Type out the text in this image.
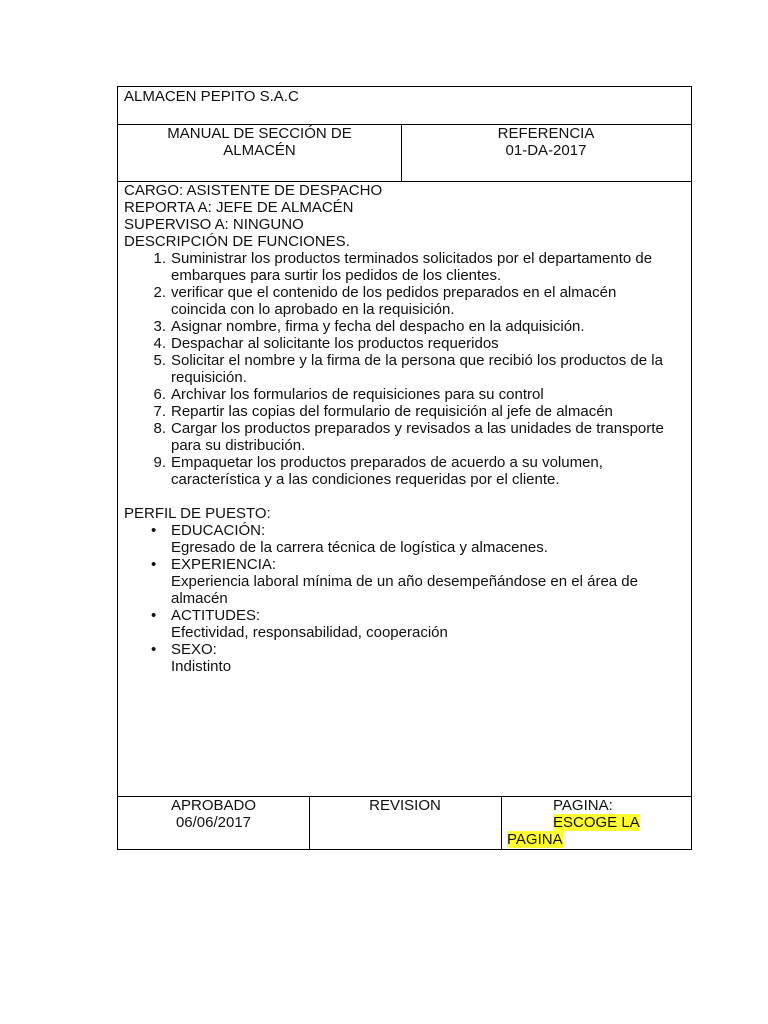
ALMACEN PEPITO S.A.C
MANUAL DE SECCIÓN DE
ALMACÉN
REFERENCIA
01-DA-2017
CARGO: ASISTENTE DE DESPACHO
REPORTA A: JEFE DE ALMACÉN
SUPERVISO A: NINGUNO
DESCRIPCIÓN DE FUNCIONES.
1. Suministrar los productos terminados solicitados por el departamento de
embarques para surtir los pedidos de los clientes.
2. verificar que el contenido de los pedidos preparados en el almacén
coincida con lo aprobado en la requisición.
3. Asignar nombre, firma y fecha del despacho en la adquisición.
4. Despachar al solicitante los productos requeridos
5. Solicitar el nombre y la firma de la persona que recibió los productos de la
requisición.
6. Archivar los formularios de requisiciones para su control
7. Repartir las copias del formulario de requisición al jefe de almacén
8. Cargar los productos preparados y revisados a las unidades de transporte
para su distribución.
9. Empaquetar los productos preparados de acuerdo a su volumen,
característica y a las condiciones requeridas por el cliente.
PERFIL DE PUESTO:
• EDUCACIÓN:
Egresado de la carrera técnica de logística y almacenes.
• EXPERIENCIA:
Experiencia laboral mínima de un año desempeñándose en el área de
almacén
• ACTITUDES:
Efectividad, responsabilidad, cooperación
• SEXO:
Indistinto
APROBADO
06/06/2017
REVISION	PAGINA:
ESCOGE LA
PAGINA
